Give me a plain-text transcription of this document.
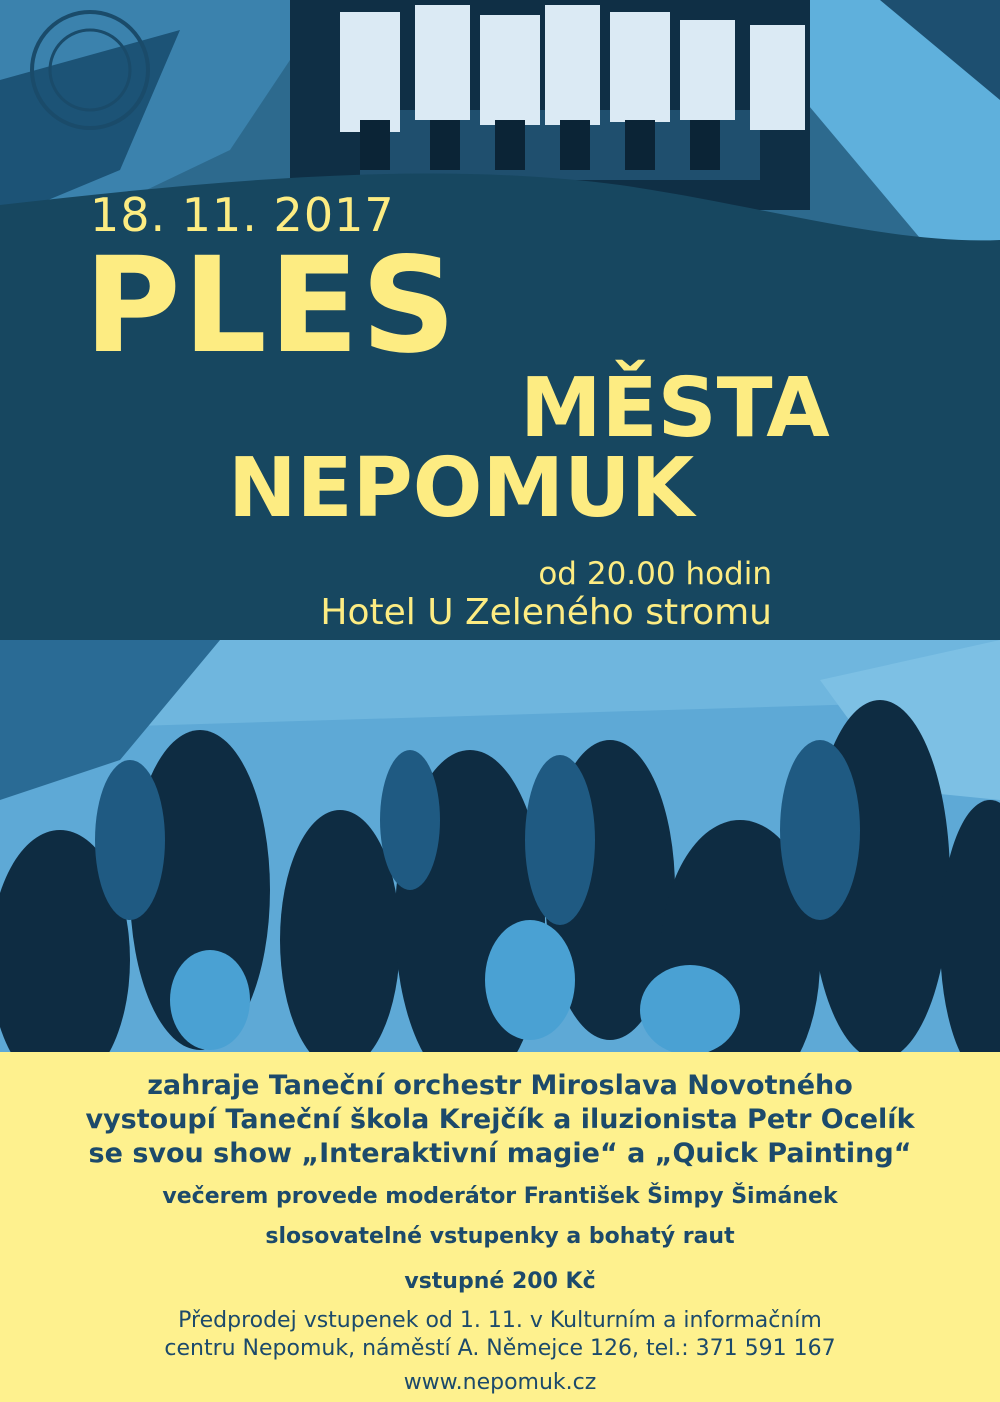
18. 11. 2017
PLES
MĚSTA
NEPOMUK
od 20.00 hodin
Hotel U Zeleného stromu
zahraje Taneční orchestr Miroslava Novotného
vystoupí Taneční škola Krejčík a iluzionista Petr Ocelík
se svou show „Interaktivní magie“ a „Quick Painting“
večerem provede moderátor František Šimpy Šimánek
slosovatelné vstupenky a bohatý raut
vstupné 200 Kč
Předprodej vstupenek od 1. 11. v Kulturním a informačním
centru Nepomuk, náměstí A. Němejce 126, tel.: 371 591 167
www.nepomuk.cz
